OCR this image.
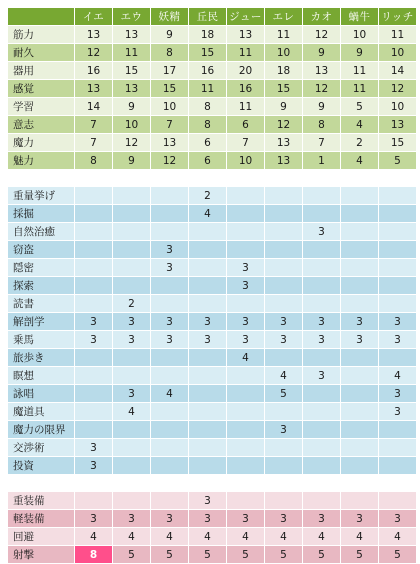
	イエ	エウ	妖精	丘民	ジュー	エレ	カオ	蝸牛	リッチ
筋力	13	13	9	18	13	11	12	10	11
耐久	12	11	8	15	11	10	9	9	10
器用	16	15	17	16	20	18	13	11	14
感覚	13	13	15	11	16	15	12	11	12
学習	14	9	10	8	11	9	9	5	10
意志	7	10	7	8	6	12	8	4	13
魔力	7	12	13	6	7	13	7	2	15
魅力	8	9	12	6	10	13	1	4	5

重量挙げ				2					
採掘				4					
自然治癒							3		
窃盗			3						
隠密			3		3				
探索					3				
読書		2							
解剖学	3	3	3	3	3	3	3	3	3
乗馬	3	3	3	3	3	3	3	3	3
旅歩き					4				
瞑想						4	3		4
詠唱		3	4			5			3
魔道具		4							3
魔力の限界						3			
交渉術	3								
投資	3								

重装備				3					
軽装備	3	3	3	3	3	3	3	3	3
回避	4	4	4	4	4	4	4	4	4
射撃	8	5	5	5	5	5	5	5	5
